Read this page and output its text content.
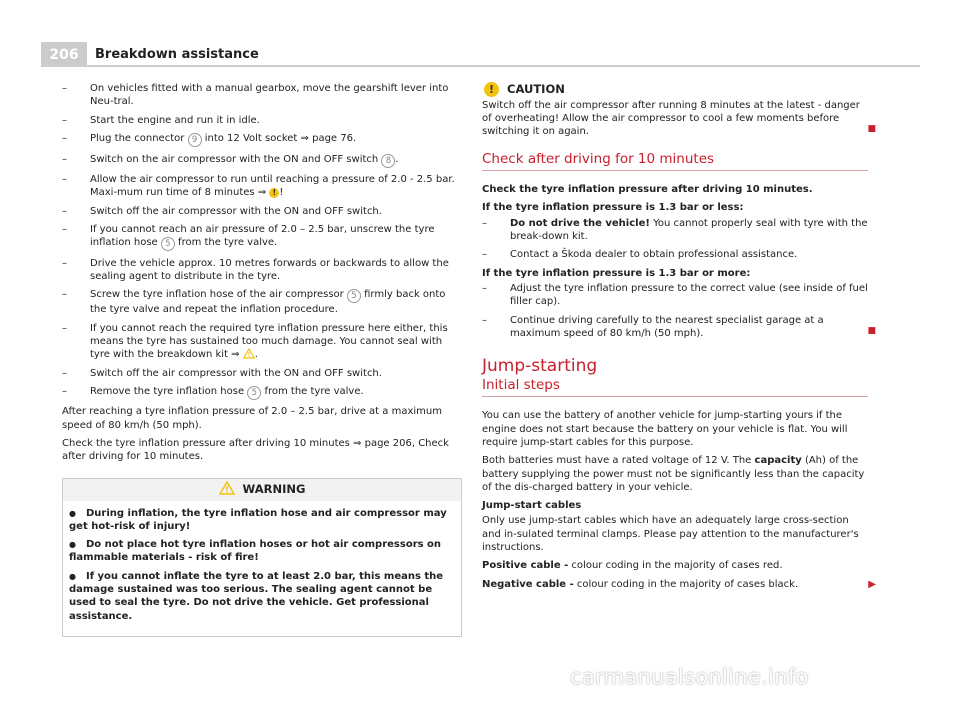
206	Breakdown assistance
– On vehicles fitted with a manual gearbox, move the gearshift lever into Neu-tral.
– Start the engine and run it in idle.
– Plug the connector 9 into 12 Volt socket ⇒ page 76.
– Switch on the air compressor with the ON and OFF switch 8 .
– Allow the air compressor to run until reaching a pressure of 2.0 - 2.5 bar. Maxi-mum run time of 8 minutes ⇒ ! !
– Switch off the air compressor with the ON and OFF switch.
– If you cannot reach an air pressure of 2.0 – 2.5 bar, unscrew the tyre inflation hose 5 from the tyre valve.
– Drive the vehicle approx. 10 metres forwards or backwards to allow the sealing agent to distribute in the tyre.
– Screw the tyre inflation hose of the air compressor 5 firmly back onto the tyre valve and repeat the inflation procedure.
– If you cannot reach the required tyre inflation pressure here either, this means the tyre has sustained too much damage. You cannot seal with tyre with the breakdown kit ⇒ .
– Switch off the air compressor with the ON and OFF switch.
– Remove the tyre inflation hose 5 from the tyre valve.
After reaching a tyre inflation pressure of 2.0 – 2.5 bar, drive at a maximum speed of 80 km/h (50 mph).
Check the tyre inflation pressure after driving 10 minutes ⇒ page 206, Check after driving for 10 minutes.
WARNING
● During inflation, the tyre inflation hose and air compressor may get hot-risk of injury!
● Do not place hot tyre inflation hoses or hot air compressors on flammable materials - risk of fire!
● If you cannot inflate the tyre to at least 2.0 bar, this means the damage sustained was too serious. The sealing agent cannot be used to seal the tyre. Do not drive the vehicle. Get professional assistance.
!	CAUTION
Switch off the air compressor after running 8 minutes at the latest - danger of overheating! Allow the air compressor to cool a few moments before switching it on again.	■
Check after driving for 10 minutes
Check the tyre inflation pressure after driving 10 minutes.
If the tyre inflation pressure is 1.3 bar or less:
– Do not drive the vehicle! You cannot properly seal with tyre with the break-down kit.
– Contact a Škoda dealer to obtain professional assistance.
If the tyre inflation pressure is 1.3 bar or more:
– Adjust the tyre inflation pressure to the correct value (see inside of fuel filler cap).
– Continue driving carefully to the nearest specialist garage at a maximum speed of 80 km/h (50 mph).	■
Jump-starting
Initial steps
You can use the battery of another vehicle for jump-starting yours if the engine does not start because the battery on your vehicle is flat. You will require jump-start cables for this purpose.
Both batteries must have a rated voltage of 12 V. The capacity (Ah) of the battery supplying the power must not be significantly less than the capacity of the dis-charged battery in your vehicle.
Jump-start cables
Only use jump-start cables which have an adequately large cross-section and in-sulated terminal clamps. Please pay attention to the manufacturer's instructions.
Positive cable - colour coding in the majority of cases red.
Negative cable - colour coding in the majority of cases black.	▶
carmanualsonline.info
